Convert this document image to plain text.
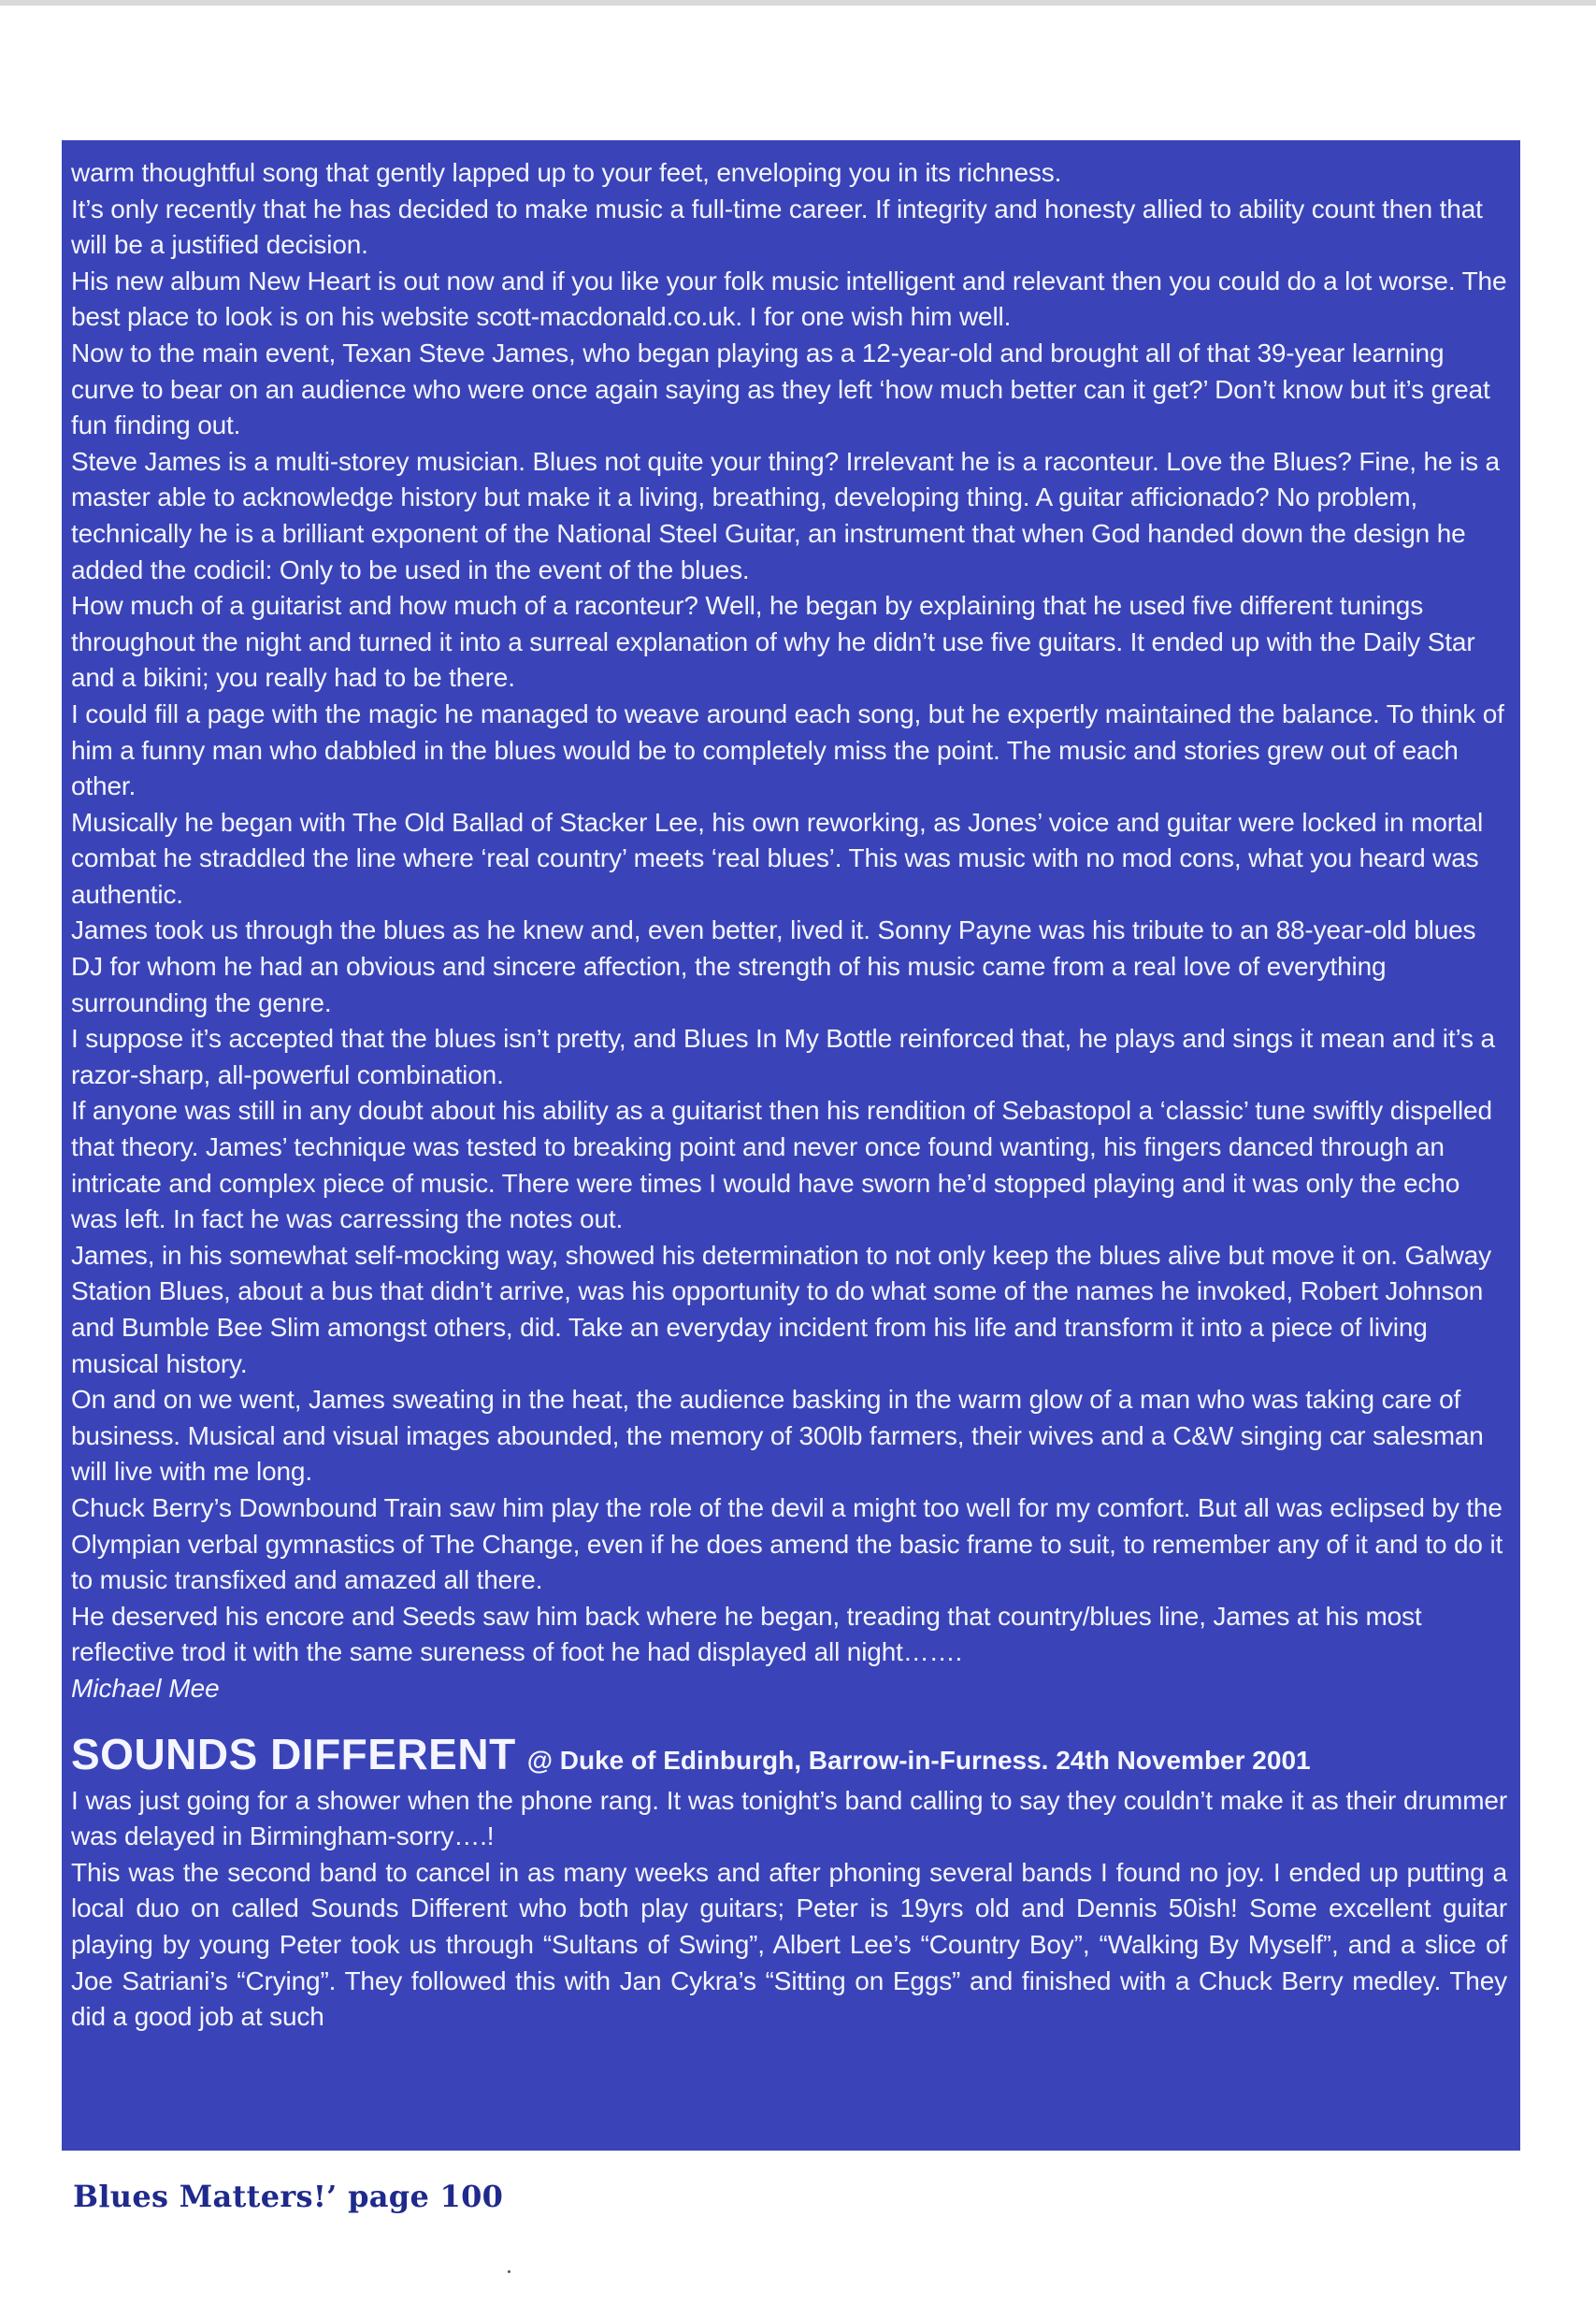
warm thoughtful song that gently lapped up to your feet, enveloping you in its richness.

It’s only recently that he has decided to make music a full-time career. If integrity and honesty allied to ability count then that will be a justified decision.

His new album New Heart is out now and if you like your folk music intelligent and relevant then you could do a lot worse. The best place to look is on his website scott-macdonald.co.uk. I for one wish him well.

Now to the main event, Texan Steve James, who began playing as a 12-year-old and brought all of that 39-year learning curve to bear on an audience who were once again saying as they left ‘how much better can it get?’ Don’t know but it’s great fun finding out.

Steve James is a multi-storey musician. Blues not quite your thing? Irrelevant he is a raconteur. Love the Blues? Fine, he is a master able to acknowledge history but make it a living, breathing, developing thing. A guitar afficionado? No problem, technically he is a brilliant exponent of the National Steel Guitar, an instrument that when God handed down the design he added the codicil: Only to be used in the event of the blues.

How much of a guitarist and how much of a raconteur? Well, he began by explaining that he used five different tunings throughout the night and turned it into a surreal explanation of why he didn’t use five guitars. It ended up with the Daily Star and a bikini; you really had to be there.

I could fill a page with the magic he managed to weave around each song, but he expertly maintained the balance. To think of him a funny man who dabbled in the blues would be to completely miss the point. The music and stories grew out of each other.

Musically he began with The Old Ballad of Stacker Lee, his own reworking, as Jones’ voice and guitar were locked in mortal combat he straddled the line where ‘real country’ meets ‘real blues’. This was music with no mod cons, what you heard was authentic.

James took us through the blues as he knew and, even better, lived it. Sonny Payne was his tribute to an 88-year-old blues DJ for whom he had an obvious and sincere affection, the strength of his music came from a real love of everything surrounding the genre.

I suppose it’s accepted that the blues isn’t pretty, and Blues In My Bottle reinforced that, he plays and sings it mean and it’s a razor-sharp, all-powerful combination.

If anyone was still in any doubt about his ability as a guitarist then his rendition of Sebastopol a ‘classic’ tune swiftly dispelled that theory. James’ technique was tested to breaking point and never once found wanting, his fingers danced through an intricate and complex piece of music. There were times I would have sworn he’d stopped playing and it was only the echo was left. In fact he was carressing the notes out.

James, in his somewhat self-mocking way, showed his determination to not only keep the blues alive but move it on. Galway Station Blues, about a bus that didn’t arrive, was his opportunity to do what some of the names he invoked, Robert Johnson and Bumble Bee Slim amongst others, did. Take an everyday incident from his life and transform it into a piece of living musical history.

On and on we went, James sweating in the heat, the audience basking in the warm glow of a man who was taking care of business. Musical and visual images abounded, the memory of 300lb farmers, their wives and a C&W singing car salesman will live with me long.

Chuck Berry’s Downbound Train saw him play the role of the devil a might too well for my comfort. But all was eclipsed by the Olympian verbal gymnastics of The Change, even if he does amend the basic frame to suit, to remember any of it and to do it to music transfixed and amazed all there.

He deserved his encore and Seeds saw him back where he began, treading that country/blues line, James at his most reflective trod it with the same sureness of foot he had displayed all night…….

Michael Mee

SOUNDS DIFFERENT @ Duke of Edinburgh, Barrow-in-Furness. 24th November 2001

I was just going for a shower when the phone rang. It was tonight’s band calling to say they couldn’t make it as their drummer was delayed in Birmingham-sorry….!

This was the second band to cancel in as many weeks and after phoning several bands I found no joy. I ended up putting a local duo on called Sounds Different who both play guitars; Peter is 19yrs old and Dennis 50ish! Some excellent guitar playing by young Peter took us through “Sultans of Swing”, Albert Lee’s “Country Boy”, “Walking By Myself”, and a slice of Joe Satriani’s “Crying”. They followed this with Jan Cykra’s “Sitting on Eggs” and finished with a Chuck Berry medley. They did a good job at such

Blues Matters!’ page 100
